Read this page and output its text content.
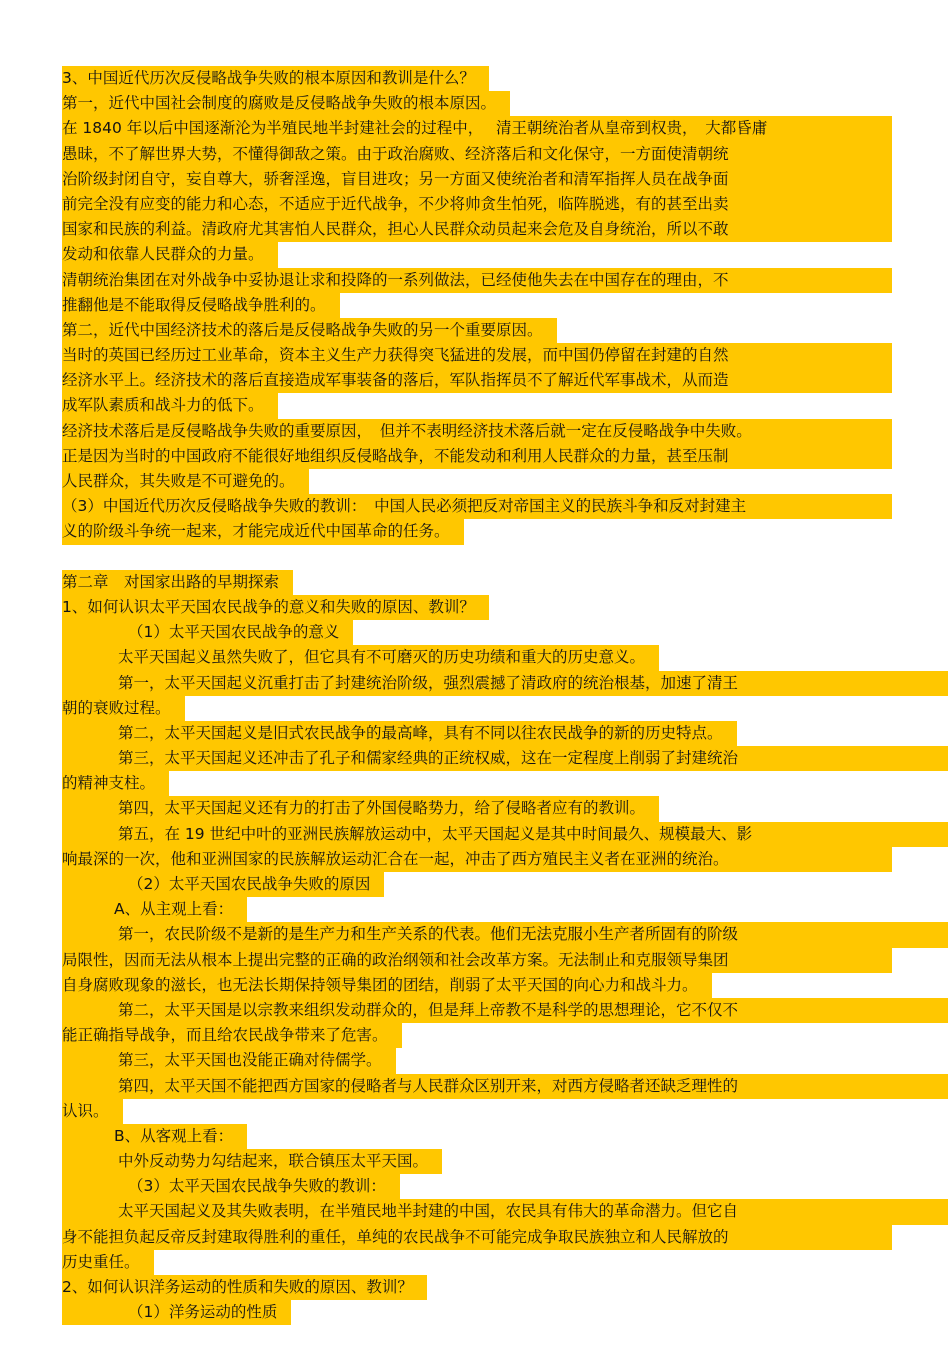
3、中国近代历次反侵略战争失败的根本原因和教训是什么？
第一，近代中国社会制度的腐败是反侵略战争失败的根本原因。
在 1840 年以后中国逐渐沦为半殖民地半封建社会的过程中，　 清王朝统治者从皇帝到权贵，　大都昏庸
愚昧，不了解世界大势，不懂得御敌之策。由于政治腐败、经济落后和文化保守，一方面使清朝统
治阶级封闭自守，妄自尊大，骄奢淫逸，盲目进攻；另一方面又使统治者和清军指挥人员在战争面
前完全没有应变的能力和心态，不适应于近代战争，不少将帅贪生怕死，临阵脱逃，有的甚至出卖
国家和民族的利益。清政府尤其害怕人民群众，担心人民群众动员起来会危及自身统治，所以不敢
发动和依靠人民群众的力量。
清朝统治集团在对外战争中妥协退让求和投降的一系列做法，已经使他失去在中国存在的理由，不
推翻他是不能取得反侵略战争胜利的。
第二，近代中国经济技术的落后是反侵略战争失败的另一个重要原因。
当时的英国已经历过工业革命，资本主义生产力获得突飞猛进的发展，而中国仍停留在封建的自然
经济水平上。经济技术的落后直接造成军事装备的落后，军队指挥员不了解近代军事战术，从而造
成军队素质和战斗力的低下。
经济技术落后是反侵略战争失败的重要原因，　但并不表明经济技术落后就一定在反侵略战争中失败。
正是因为当时的中国政府不能很好地组织反侵略战争，不能发动和利用人民群众的力量，甚至压制
人民群众，其失败是不可避免的。
（3）中国近代历次反侵略战争失败的教训：　中国人民必须把反对帝国主义的民族斗争和反对封建主
义的阶级斗争统一起来，才能完成近代中国革命的任务。
第二章　对国家出路的早期探索
1、如何认识太平天国农民战争的意义和失败的原因、教训？
（1）太平天国农民战争的意义
太平天国起义虽然失败了，但它具有不可磨灭的历史功绩和重大的历史意义。
第一，太平天国起义沉重打击了封建统治阶级，强烈震撼了清政府的统治根基，加速了清王
朝的衰败过程。
第二，太平天国起义是旧式农民战争的最高峰，具有不同以往农民战争的新的历史特点。
第三，太平天国起义还冲击了孔子和儒家经典的正统权威，这在一定程度上削弱了封建统治
的精神支柱。
第四，太平天国起义还有力的打击了外国侵略势力，给了侵略者应有的教训。
第五，在 19 世纪中叶的亚洲民族解放运动中，太平天国起义是其中时间最久、规模最大、影
响最深的一次，他和亚洲国家的民族解放运动汇合在一起，冲击了西方殖民主义者在亚洲的统治。
（2）太平天国农民战争失败的原因
A、从主观上看：
第一，农民阶级不是新的是生产力和生产关系的代表。他们无法克服小生产者所固有的阶级
局限性，因而无法从根本上提出完整的正确的政治纲领和社会改革方案。无法制止和克服领导集团
自身腐败现象的滋长，也无法长期保持领导集团的团结，削弱了太平天国的向心力和战斗力。
第二，太平天国是以宗教来组织发动群众的，但是拜上帝教不是科学的思想理论，它不仅不
能正确指导战争，而且给农民战争带来了危害。
第三，太平天国也没能正确对待儒学。
第四，太平天国不能把西方国家的侵略者与人民群众区别开来，对西方侵略者还缺乏理性的
认识。
B、从客观上看：
中外反动势力勾结起来，联合镇压太平天国。
（3）太平天国农民战争失败的教训：
太平天国起义及其失败表明，在半殖民地半封建的中国，农民具有伟大的革命潜力。但它自
身不能担负起反帝反封建取得胜利的重任，单纯的农民战争不可能完成争取民族独立和人民解放的
历史重任。
2、如何认识洋务运动的性质和失败的原因、教训？
（1）洋务运动的性质
